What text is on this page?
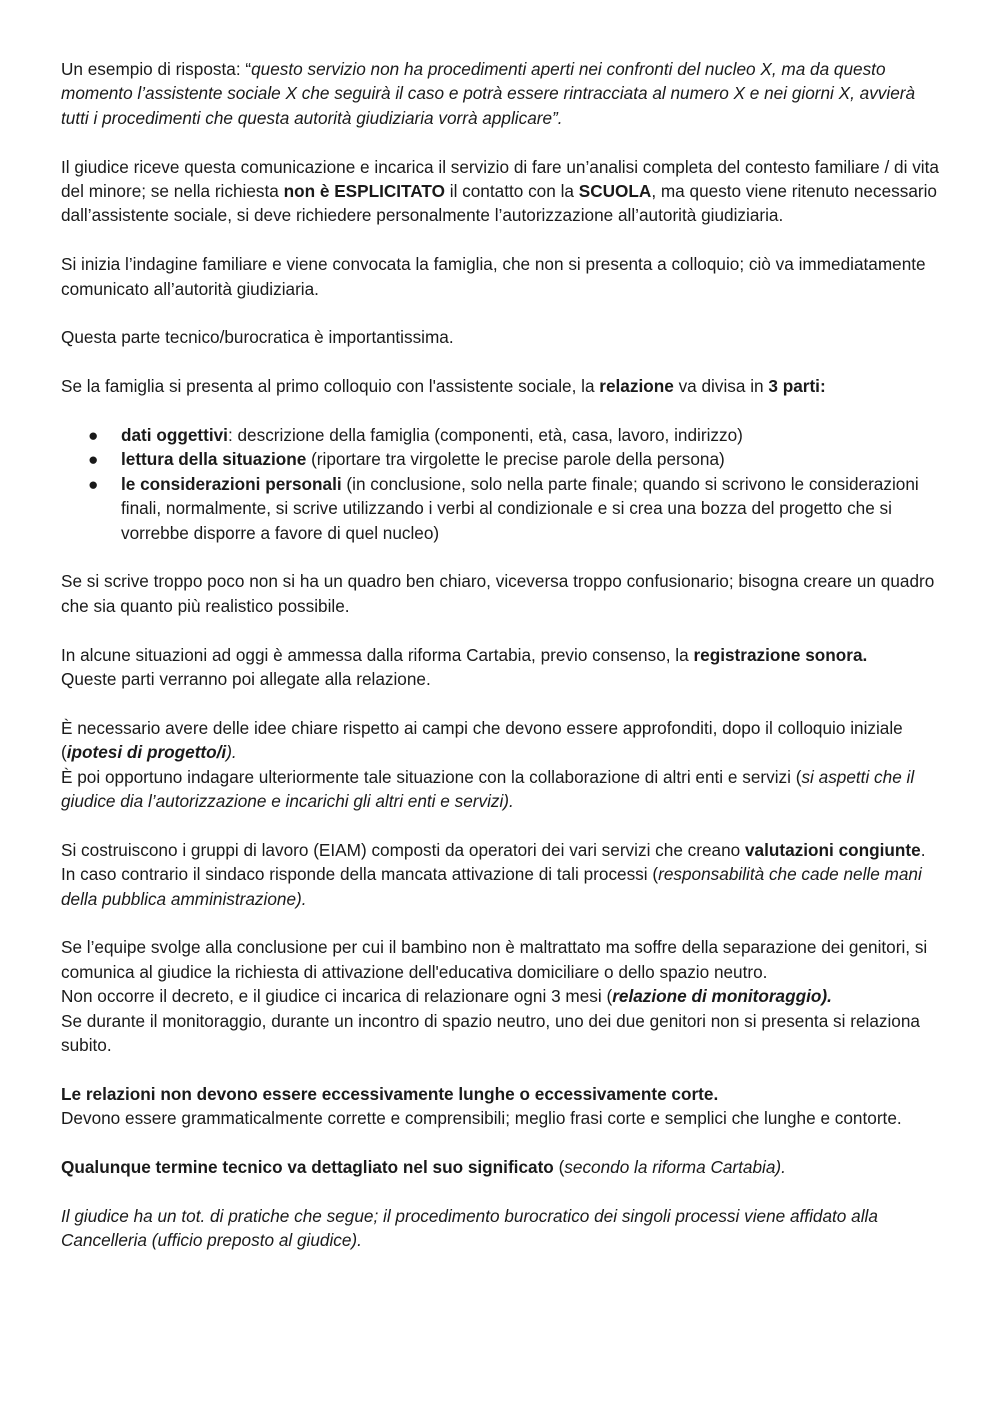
Un esempio di risposta: “questo servizio non ha procedimenti aperti nei confronti del nucleo X, ma da questo momento l’assistente sociale X che seguirà il caso e potrà essere rintracciata al numero X e nei giorni X, avvierà tutti i procedimenti che questa autorità giudiziaria vorrà applicare”.

Il giudice riceve questa comunicazione e incarica il servizio di fare un’analisi completa del contesto familiare / di vita del minore; se nella richiesta non è ESPLICITATO il contatto con la SCUOLA, ma questo viene ritenuto necessario dall’assistente sociale, si deve richiedere personalmente l’autorizzazione all’autorità giudiziaria.

Si inizia l’indagine familiare e viene convocata la famiglia, che non si presenta a colloquio; ciò va immediatamente comunicato all’autorità giudiziaria.

Questa parte tecnico/burocratica è importantissima.

Se la famiglia si presenta al primo colloquio con l'assistente sociale, la relazione va divisa in 3 parti:

● dati oggettivi: descrizione della famiglia (componenti, età, casa, lavoro, indirizzo)
● lettura della situazione (riportare tra virgolette le precise parole della persona)
● le considerazioni personali (in conclusione, solo nella parte finale; quando si scrivono le considerazioni finali, normalmente, si scrive utilizzando i verbi al condizionale e si crea una bozza del progetto che si vorrebbe disporre a favore di quel nucleo)

Se si scrive troppo poco non si ha un quadro ben chiaro, viceversa troppo confusionario; bisogna creare un quadro che sia quanto più realistico possibile.

In alcune situazioni ad oggi è ammessa dalla riforma Cartabia, previo consenso, la registrazione sonora.
Queste parti verranno poi allegate alla relazione.

È necessario avere delle idee chiare rispetto ai campi che devono essere approfonditi, dopo il colloquio iniziale (ipotesi di progetto/i).
È poi opportuno indagare ulteriormente tale situazione con la collaborazione di altri enti e servizi (si aspetti che il giudice dia l’autorizzazione e incarichi gli altri enti e servizi).

Si costruiscono i gruppi di lavoro (EIAM) composti da operatori dei vari servizi che creano valutazioni congiunte. In caso contrario il sindaco risponde della mancata attivazione di tali processi (responsabilità che cade nelle mani della pubblica amministrazione).

Se l’equipe svolge alla conclusione per cui il bambino non è maltrattato ma soffre della separazione dei genitori, si comunica al giudice la richiesta di attivazione dell'educativa domiciliare o dello spazio neutro.
Non occorre il decreto, e il giudice ci incarica di relazionare ogni 3 mesi (relazione di monitoraggio).
Se durante il monitoraggio, durante un incontro di spazio neutro, uno dei due genitori non si presenta si relaziona subito.

Le relazioni non devono essere eccessivamente lunghe o eccessivamente corte.
Devono essere grammaticalmente corrette e comprensibili; meglio frasi corte e semplici che lunghe e contorte.

Qualunque termine tecnico va dettagliato nel suo significato (secondo la riforma Cartabia).

Il giudice ha un tot. di pratiche che segue; il procedimento burocratico dei singoli processi viene affidato alla Cancelleria (ufficio preposto al giudice).
